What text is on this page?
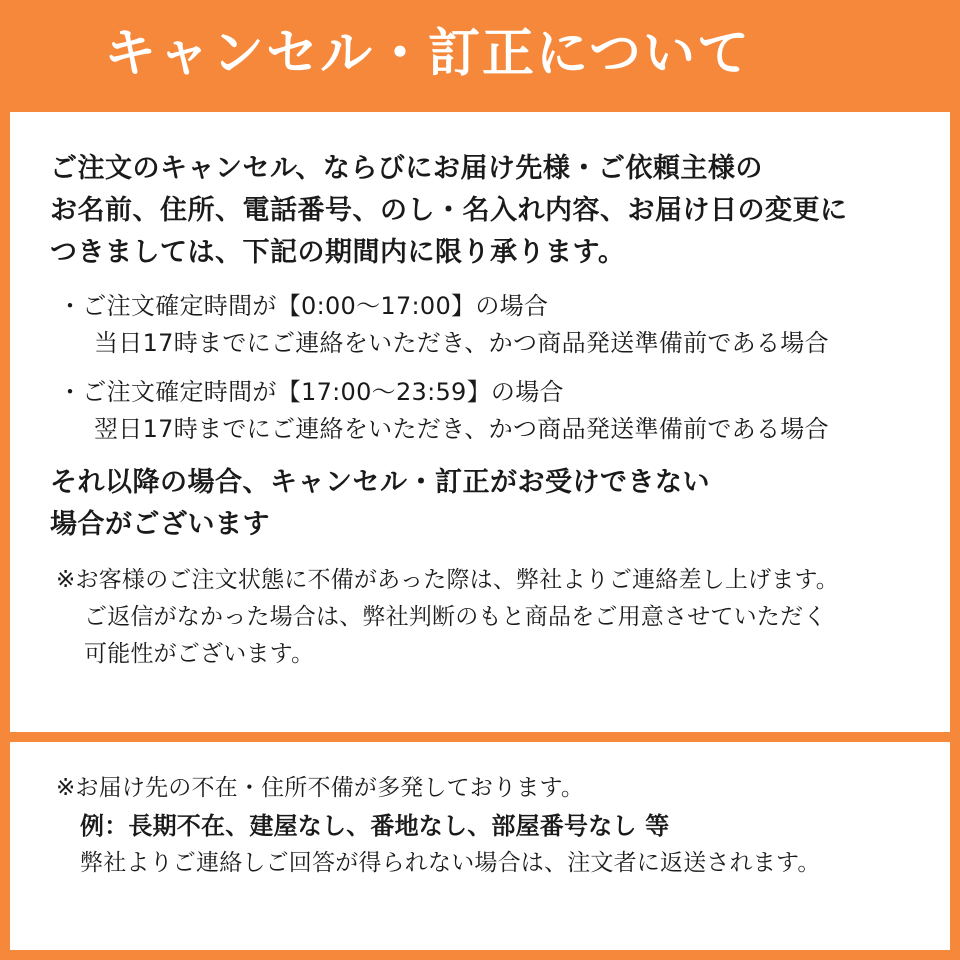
キャンセル・訂正について

ご注文のキャンセル、ならびにお届け先様・ご依頼主様の
お名前、住所、電話番号、のし・名入れ内容、お届け日の変更に
つきましては、下記の期間内に限り承ります。

・ご注文確定時間が【0:00〜17:00】の場合

当日17時までにご連絡をいただき、かつ商品発送準備前である場合

・ご注文確定時間が【17:00〜23:59】の場合

翌日17時までにご連絡をいただき、かつ商品発送準備前である場合

それ以降の場合、キャンセル・訂正がお受けできない
場合がございます

※お客様のご注文状態に不備があった際は、弊社よりご連絡差し上げます。

ご返信がなかった場合は、弊社判断のもと商品をご用意させていただく

可能性がございます。

※お届け先の不在・住所不備が多発しております。

例：長期不在、建屋なし、番地なし、部屋番号なし 等

弊社よりご連絡しご回答が得られない場合は、注文者に返送されます。
